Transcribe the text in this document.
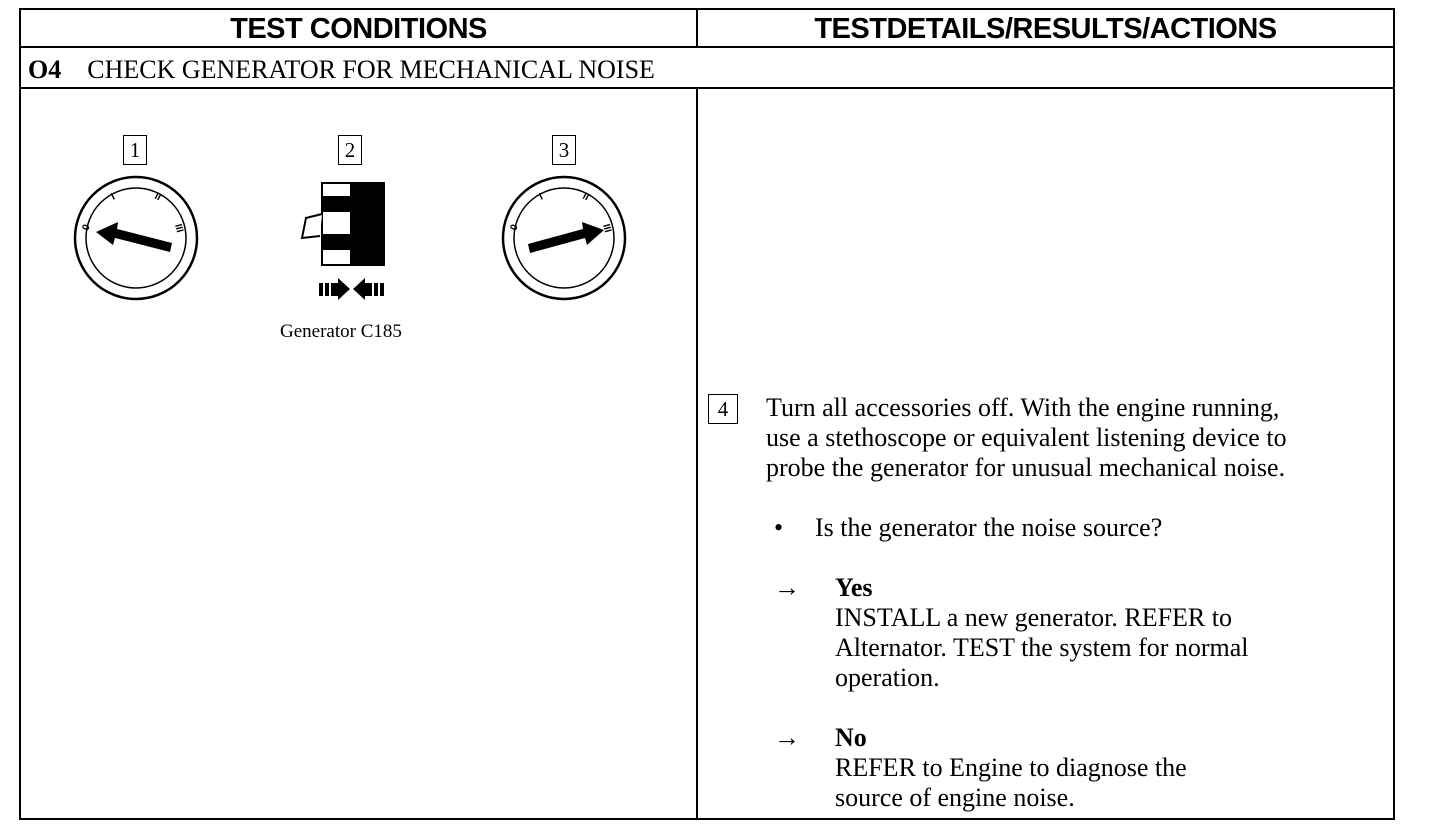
TEST CONDITIONS	TESTDETAILS/RESULTS/ACTIONS
O4 CHECK GENERATOR FOR MECHANICAL NOISE
1	2	3
0
I	II
III
Generator C185
0
I	II
III
4	Turn all accessories off. With the engine running,
use a stethoscope or equivalent listening device to
probe the generator for unusual mechanical noise.
• Is the generator the noise source?
→ Yes
INSTALL a new generator. REFER to
Alternator. TEST the system for normal
operation.
→ No
REFER to Engine to diagnose the
source of engine noise.
